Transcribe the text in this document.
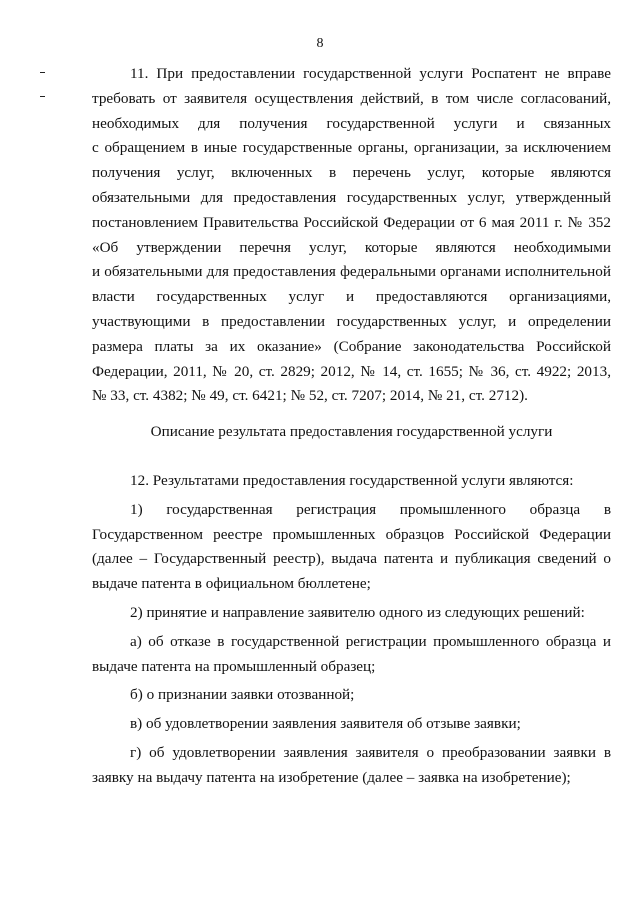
8
11. При предоставлении государственной услуги Роспатент не вправе
требовать от заявителя осуществления действий, в том числе согласований,
необходимых для получения государственной услуги и связанных
с обращением в иные государственные органы, организации, за исключением
получения услуг, включенных в перечень услуг, которые являются
обязательными для предоставления государственных услуг, утвержденный
постановлением Правительства Российской Федерации от 6 мая 2011 г. № 352
«Об утверждении перечня услуг, которые являются необходимыми
и обязательными для предоставления федеральными органами исполнительной
власти государственных услуг и предоставляются организациями,
участвующими в предоставлении государственных услуг, и определении
размера платы за их оказание» (Собрание законодательства Российской
Федерации, 2011, № 20, ст. 2829; 2012, № 14, ст. 1655; № 36, ст. 4922; 2013,
№ 33, ст. 4382; № 49, ст. 6421; № 52, ст. 7207; 2014, № 21, ст. 2712).
Описание результата предоставления государственной услуги
12. Результатами предоставления государственной услуги являются:
1) государственная регистрация промышленного образца в
Государственном реестре промышленных образцов Российской Федерации
(далее – Государственный реестр), выдача патента и публикация сведений о
выдаче патента в официальном бюллетене;
2) принятие и направление заявителю одного из следующих решений:
а) об отказе в государственной регистрации промышленного образца и
выдаче патента на промышленный образец;
б) о признании заявки отозванной;
в) об удовлетворении заявления заявителя об отзыве заявки;
г) об удовлетворении заявления заявителя о преобразовании заявки в
заявку на выдачу патента на изобретение (далее – заявка на изобретение);
